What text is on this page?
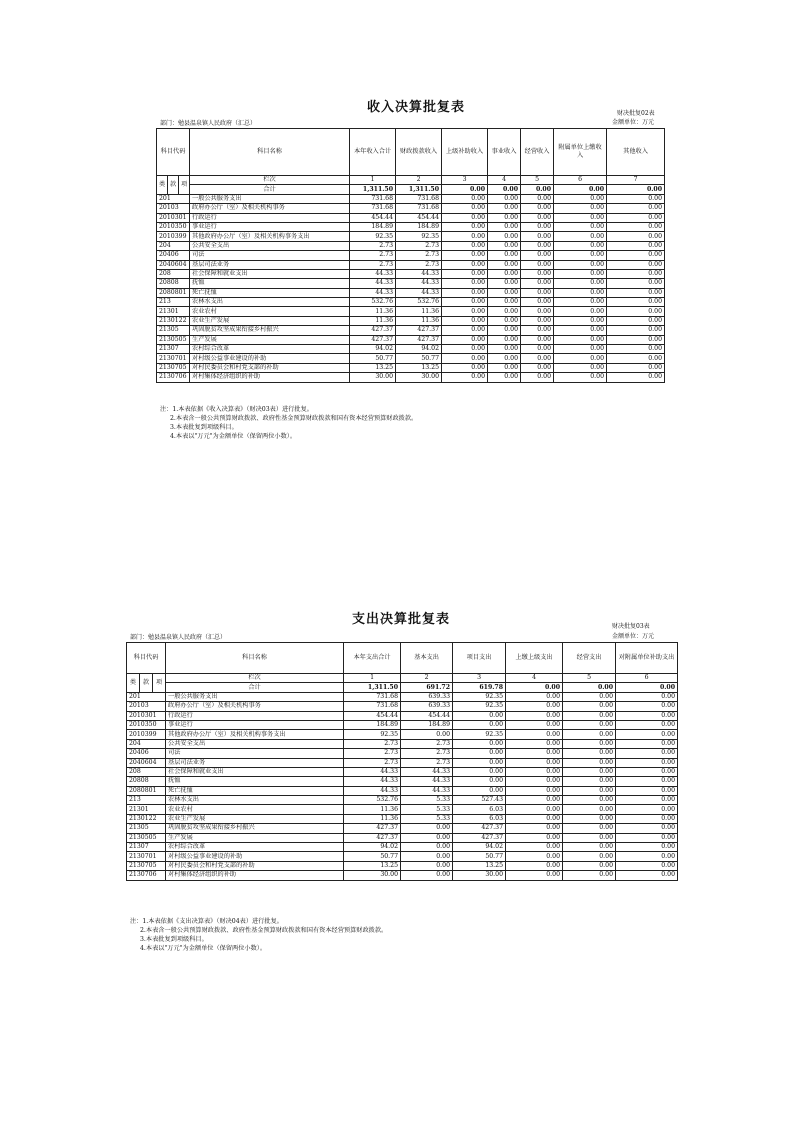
收入决算批复表	财决批复02表
部门：勉县温泉镇人民政府（汇总）	金额单位：万元
科目代码			科目名称	本年收入合计	财政拨款收入	上级补助收入	事业收入	经营收入	附属单位上缴收入	其他收入

类	款	项	栏次	1	2	3	4	5	6	7
			合计	1,311.50	1,311.50	0.00	0.00	0.00	0.00	0.00
201			一般公共服务支出	731.68	731.68	0.00	0.00	0.00	0.00	0.00
20103			政府办公厅（室）及相关机构事务	731.68	731.68	0.00	0.00	0.00	0.00	0.00
2010301			行政运行	454.44	454.44	0.00	0.00	0.00	0.00	0.00
2010350			事业运行	184.89	184.89	0.00	0.00	0.00	0.00	0.00
2010399			其他政府办公厅（室）及相关机构事务支出	92.35	92.35	0.00	0.00	0.00	0.00	0.00
204			公共安全支出	2.73	2.73	0.00	0.00	0.00	0.00	0.00
20406			司法	2.73	2.73	0.00	0.00	0.00	0.00	0.00
2040604			基层司法业务	2.73	2.73	0.00	0.00	0.00	0.00	0.00
208			社会保障和就业支出	44.33	44.33	0.00	0.00	0.00	0.00	0.00
20808			抚恤	44.33	44.33	0.00	0.00	0.00	0.00	0.00
2080801			死亡抚恤	44.33	44.33	0.00	0.00	0.00	0.00	0.00
213			农林水支出	532.76	532.76	0.00	0.00	0.00	0.00	0.00
21301			农业农村	11.36	11.36	0.00	0.00	0.00	0.00	0.00
2130122			农业生产发展	11.36	11.36	0.00	0.00	0.00	0.00	0.00
21305			巩固脱贫攻坚成果衔接乡村振兴	427.37	427.37	0.00	0.00	0.00	0.00	0.00
2130505			生产发展	427.37	427.37	0.00	0.00	0.00	0.00	0.00
21307			农村综合改革	94.02	94.02	0.00	0.00	0.00	0.00	0.00
2130701			对村级公益事业建设的补助	50.77	50.77	0.00	0.00	0.00	0.00	0.00
2130705			对村民委员会和村党支部的补助	13.25	13.25	0.00	0.00	0.00	0.00	0.00
2130706			对村集体经济组织的补助	30.00	30.00	0.00	0.00	0.00	0.00	0.00
注：1.本表依据《收入决算表》（财决03表）进行批复。
2.本表含一般公共预算财政拨款、政府性基金预算财政拨款和国有资本经营预算财政拨款。
3.本表批复到项级科目。
4.本表以"万元"为金额单位（保留两位小数）。
支出决算批复表	财决批复03表
部门：勉县温泉镇人民政府（汇总）	金额单位：万元
科目代码			科目名称	本年支出合计	基本支出	项目支出	上缴上级支出	经营支出	对附属单位补助支出

类	款	项	栏次	1	2	3	4	5	6
			合计	1,311.50	691.72	619.78	0.00	0.00	0.00
201			一般公共服务支出	731.68	639.33	92.35	0.00	0.00	0.00
20103			政府办公厅（室）及相关机构事务	731.68	639.33	92.35	0.00	0.00	0.00
2010301			行政运行	454.44	454.44	0.00	0.00	0.00	0.00
2010350			事业运行	184.89	184.89	0.00	0.00	0.00	0.00
2010399			其他政府办公厅（室）及相关机构事务支出	92.35	0.00	92.35	0.00	0.00	0.00
204			公共安全支出	2.73	2.73	0.00	0.00	0.00	0.00
20406			司法	2.73	2.73	0.00	0.00	0.00	0.00
2040604			基层司法业务	2.73	2.73	0.00	0.00	0.00	0.00
208			社会保障和就业支出	44.33	44.33	0.00	0.00	0.00	0.00
20808			抚恤	44.33	44.33	0.00	0.00	0.00	0.00
2080801			死亡抚恤	44.33	44.33	0.00	0.00	0.00	0.00
213			农林水支出	532.76	5.33	527.43	0.00	0.00	0.00
21301			农业农村	11.36	5.33	6.03	0.00	0.00	0.00
2130122			农业生产发展	11.36	5.33	6.03	0.00	0.00	0.00
21305			巩固脱贫攻坚成果衔接乡村振兴	427.37	0.00	427.37	0.00	0.00	0.00
2130505			生产发展	427.37	0.00	427.37	0.00	0.00	0.00
21307			农村综合改革	94.02	0.00	94.02	0.00	0.00	0.00
2130701			对村级公益事业建设的补助	50.77	0.00	50.77	0.00	0.00	0.00
2130705			对村民委员会和村党支部的补助	13.25	0.00	13.25	0.00	0.00	0.00
2130706			对村集体经济组织的补助	30.00	0.00	30.00	0.00	0.00	0.00
注：1.本表依据《支出决算表》（财决04表）进行批复。
2.本表含一般公共预算财政拨款、政府性基金预算财政拨款和国有资本经营预算财政拨款。
3.本表批复到项级科目。
4.本表以"万元"为金额单位（保留两位小数）。
